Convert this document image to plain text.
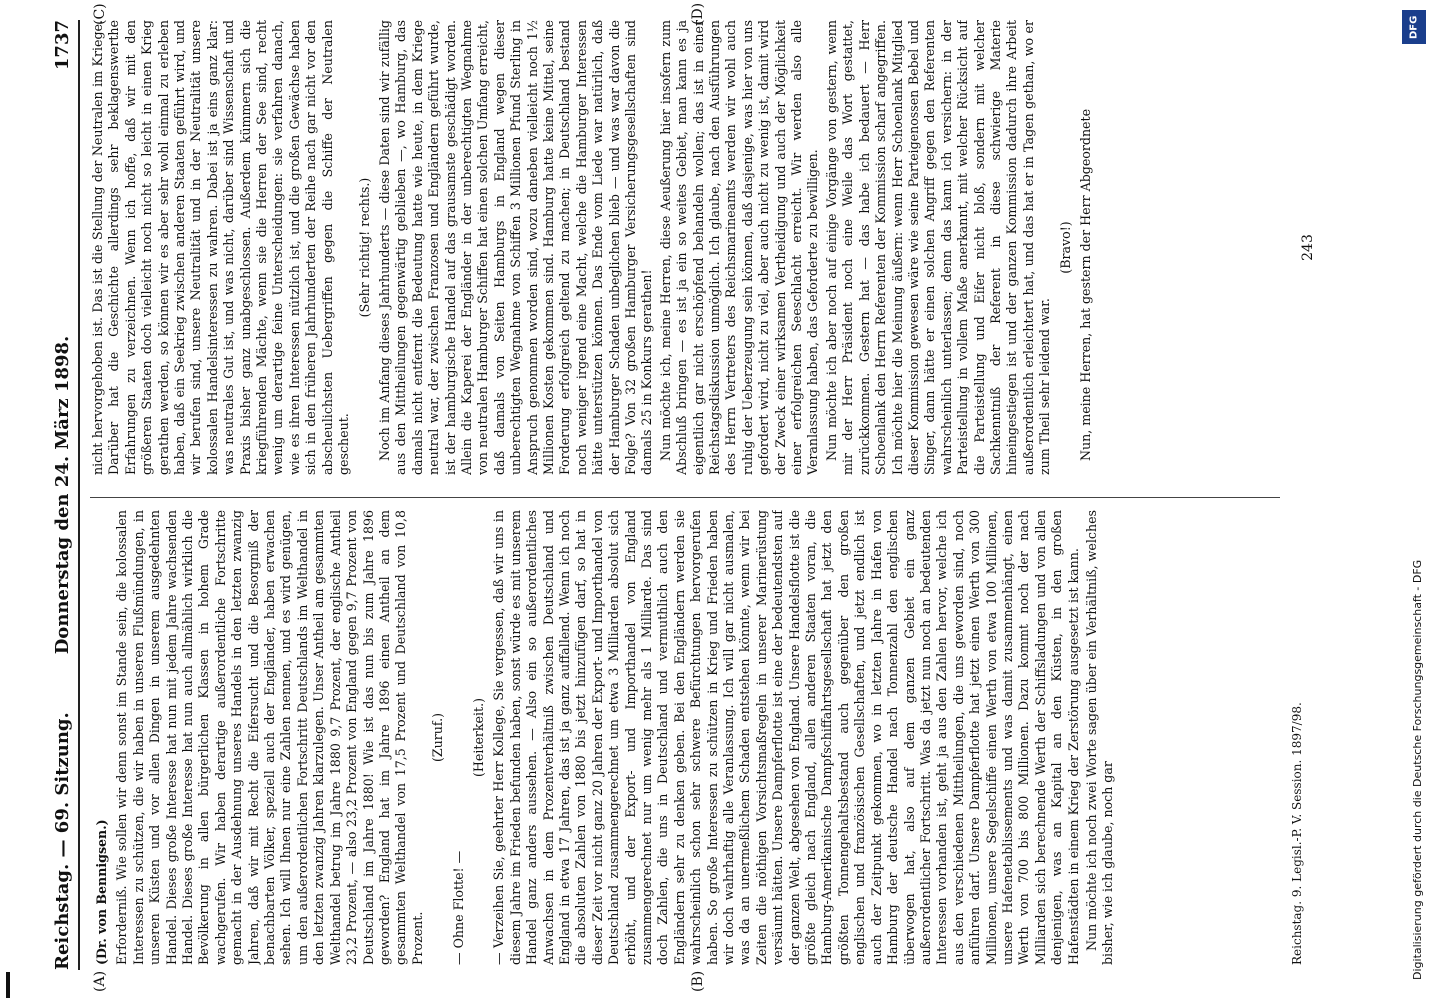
Reichstag. — 69. Sitzung.
Donnerstag den 24. März 1898.
1737
(A)	(B)
(C)	(D)
(Dr. von Bennigsen.) Erforderniß. Wie sollen wir denn sonst im Stande sein, die kolossalen Interessen zu schützen, die wir haben in unseren Flußmündungen, in unseren Küsten und vor allen Dingen in unserem ausgedehnten Handel. Dieses große Interesse hat nun mit jedem Jahre wachsenden Handel. Dieses große Interesse hat nun auch allmählich wirklich die Bevölkerung in allen bürgerlichen Klassen in hohem Grade wachgerufen. Wir haben derartige außerordentliche Fortschritte gemacht in der Ausdehnung unseres Handels in den letzten zwanzig Jahren, daß wir mit Recht die Eifersucht und die Besorgniß der benachbarten Völker, speziell auch der Engländer, haben erwachen sehen. Ich will Ihnen nur eine Zahlen nennen, und es wird genügen, um den außerordentlichen Fortschritt Deutschlands im Welthandel in den letzten zwanzig Jahren klarzulegen. Unser Antheil am gesammten Welthandel betrug im Jahre 1880 9,7 Prozent, der englische Antheil 23,2 Prozent, — also 23,2 Prozent von England gegen 9,7 Prozent von Deutschland im Jahre 1880! Wie ist das nun bis zum Jahre 1896 geworden? England hat im Jahre 1896 einen Antheil an dem gesammten Welthandel von 17,5 Prozent und Deutschland von 10,8 Prozent.

(Zuruf.)
— Ohne Flotte! —
(Heiterkeit.) — Verzeihen Sie, geehrter Herr Kollege, Sie vergessen, daß wir uns in diesem Jahre im Frieden befunden haben, sonst würde es mit unserem Handel ganz anders aussehen. — Also ein so außerordentliches Anwachsen in dem Prozentverhältniß zwischen Deutschland und England in etwa 17 Jahren, das ist ja ganz auffallend. Wenn ich noch die absoluten Zahlen von 1880 bis jetzt hinzufügen darf, so hat in dieser Zeit vor nicht ganz 20 Jahren der Export- und Importhandel von Deutschland zusammengerechnet um etwa 3 Milliarden absolut sich erhöht, und der Export- und Importhandel von England zusammengerechnet nur um wenig mehr als 1 Milliarde. Das sind doch Zahlen, die uns in Deutschland und vermuthlich auch den Engländern sehr zu denken geben. Bei den Engländern werden sie wahrscheinlich schon sehr schwere Befürchtungen hervorgerufen haben. So große Interessen zu schützen in Krieg und Frieden haben wir doch wahrhaftig alle Veranlassung. Ich will gar nicht ausmalen, was da an unermeßlichem Schaden entstehen könnte, wenn wir bei Zeiten die nöthigen Vorsichtsmaßregeln in unserer Marinerüstung versäumt hätten. Unsere Dampferflotte ist eine der bedeutendsten auf der ganzen Welt, abgesehen von England. Unsere Handelsflotte ist die größte gleich nach England, allen anderen Staaten voran, die Hamburg-Amerikanische Dampfschiffahrtsgesellschaft hat jetzt den größten Tonnengehaltsbestand auch gegenüber den großen englischen und französischen Gesellschaften, und jetzt endlich ist auch der Zeitpunkt gekommen, wo in letzten Jahre in Hafen von Hamburg der deutsche Handel nach Tonnenzahl den englischen überwogen hat, also auf dem ganzen Gebiet ein ganz außerordentlicher Fortschritt. Was da jetzt nun noch an bedeutenden Interessen vorhanden ist, geht ja aus den Zahlen hervor, welche ich aus den verschiedenen Mittheilungen, die uns geworden sind, noch anführen darf. Unsere Dampferflotte hat jetzt einen Werth von 300 Millionen, unsere Segelschiffe einen Werth von etwa 100 Millionen, unsere Hafenetablissements und was damit zusammenhängt, einen Werth von 700 bis 800 Millionen. Dazu kommt noch der nach Milliarden sich berechnende Werth der Schiffsladungen und von allen denjenigen, was an Kapital an den Küsten, in den großen Hafenstädten in einem Krieg der Zerstörung ausgesetzt ist kann. Nun möchte ich noch zwei Worte sagen über ein Verhältniß, welches bisher, wie ich glaube, noch gar

nicht hervorgehoben ist. Das ist die Stellung der Neutralen im Kriege. Darüber hat die Geschichte allerdings sehr beklagenswerthe Erfahrungen zu verzeichnen. Wenn ich hoffe, daß wir mit den größeren Staaten doch vielleicht noch nicht so leicht in einen Krieg gerathen werden, so können wir es aber sehr wohl einmal zu erleben haben, daß ein Seekrieg zwischen anderen Staaten geführt wird, und wir berufen sind, unsere Neutralität und in der Neutralität unsere kolossalen Handelsinteressen zu wahren. Dabei ist ja eins ganz klar: was neutrales Gut ist, und was nicht, darüber sind Wissenschaft und Praxis bisher ganz unabgeschlossen. Außerdem kümmern sich die kriegführenden Mächte, wenn sie die Herren der See sind, recht wenig um derartige feine Unterscheidungen: sie verfahren danach, wie es ihren Interessen nützlich ist, und die großen Gewächse haben sich in den früheren Jahrhunderten der Reihe nach gar nicht vor den abscheulichsten Uebergriffen gegen die Schiffe der Neutralen gescheut.

(Sehr richtig! rechts.) Noch im Anfang dieses Jahrhunderts — diese Daten sind wir zufällig aus den Mittheilungen gegenwärtig geblieben —, wo Hamburg, das damals nicht entfernt die Bedeutung hatte wie heute, in dem Kriege neutral war, der zwischen Franzosen und Engländern geführt wurde, ist der hamburgische Handel auf das grausamste geschädigt worden. Allein die Kaperei der Engländer in der unberechtigten Wegnahme von neutralen Hamburger Schiffen hat einen solchen Umfang erreicht, daß damals von Seiten Hamburgs in England wegen dieser unberechtigten Wegnahme von Schiffen 3 Millionen Pfund Sterling in Anspruch genommen worden sind, wozu daneben vielleicht noch 1½ Millionen Kosten gekommen sind. Hamburg hatte keine Mittel, seine Forderung erfolgreich geltend zu machen; in Deutschland bestand noch weniger irgend eine Macht, welche die Hamburger Interessen hätte unterstützen können. Das Ende vom Liede war natürlich, daß der Hamburger Schaden unbeglichen blieb — und was war davon die Folge? Von 32 großen Hamburger Versicherungsgesellschaften sind damals 25 in Konkurs gerathen! Nun möchte ich, meine Herren, diese Aeußerung hier insofern zum Abschluß bringen — es ist ja ein so weites Gebiet, man kann es ja eigentlich gar nicht erschöpfend behandeln wollen; das ist in einer Reichstagsdiskussion unmöglich. Ich glaube, nach den Ausführungen des Herrn Vertreters des Reichsmarineamts werden wir wohl auch ruhig der Ueberzeugung sein können, daß dasjenige, was hier von uns gefordert wird, nicht zu viel, aber auch nicht zu wenig ist, damit wird der Zweck einer wirksamen Vertheidigung und auch der Möglichkeit einer erfolgreichen Seeschlacht erreicht. Wir werden also alle Veranlassung haben, das Geforderte zu bewilligen. Nun möchte ich aber noch auf einige Vorgänge von gestern, wenn mir der Herr Präsident noch eine Weile das Wort gestattet, zurückkommen. Gestern hat — das habe ich bedauert — Herr Schoenlank den Herrn Referenten der Kommission scharf angegriffen. Ich möchte hier die Meinung äußern: wenn Herr Schoenlank Mitglied dieser Kommission gewesen wäre wie seine Parteigenossen Bebel und Singer, dann hätte er einen solchen Angriff gegen den Referenten wahrscheinlich unterlassen; denn das kann ich versichern: in der Parteistellung in vollem Maße anerkannt, mit welcher Rücksicht auf die Parteistellung und Eifer nicht bloß, sondern mit welcher Sachkenntniß der Referent in diese schwierige Materie hineingestiegen ist und der ganzen Kommission dadurch ihre Arbeit außerordentlich erleichtert hat, und das hat er in Tagen gethan, wo er zum Theil sehr leidend war.

(Bravo!) Nun, meine Herren, hat gestern der Herr Abgeordnete

Reichstag. 9. Legisl.-P. V. Session. 1897/98.
243
Digitalisierung gefördert durch die Deutsche Forschungsgemeinschaft - DFG
DFG
